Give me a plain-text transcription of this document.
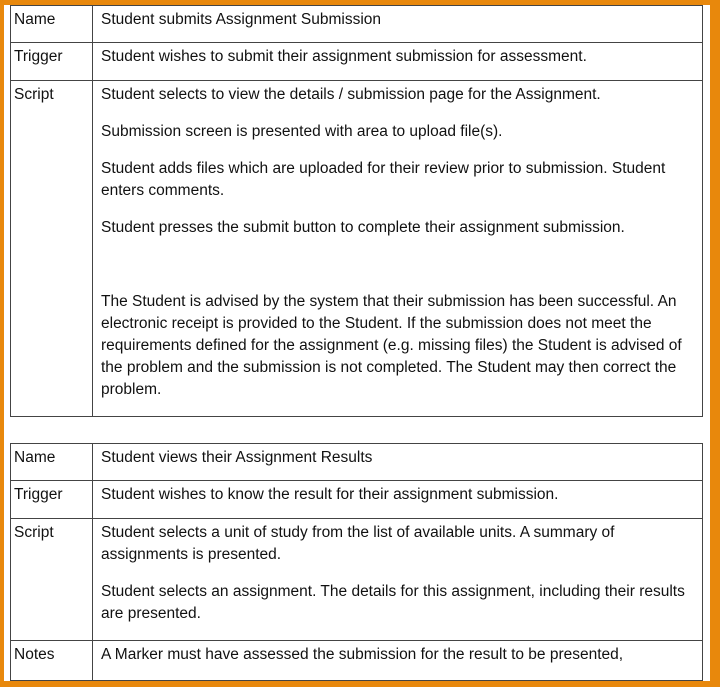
Name	Student submits Assignment Submission
Trigger	Student wishes to submit their assignment submission for assessment.
Script	Student selects to view the details / submission page for the Assignment.

Submission screen is presented with area to upload file(s).

Student adds files which are uploaded for their review prior to submission. Student enters comments.

Student presses the submit button to complete their assignment submission.

The Student is advised by the system that their submission has been successful. An electronic receipt is provided to the Student. If the submission does not meet the requirements defined for the assignment (e.g. missing files) the Student is advised of the problem and the submission is not completed. The Student may then correct the problem.

Name	Student views their Assignment Results
Trigger	Student wishes to know the result for their assignment submission.
Script	Student selects a unit of study from the list of available units. A summary of assignments is presented.

Student selects an assignment. The details for this assignment, including their results are presented.

Notes	A Marker must have assessed the submission for the result to be presented,
